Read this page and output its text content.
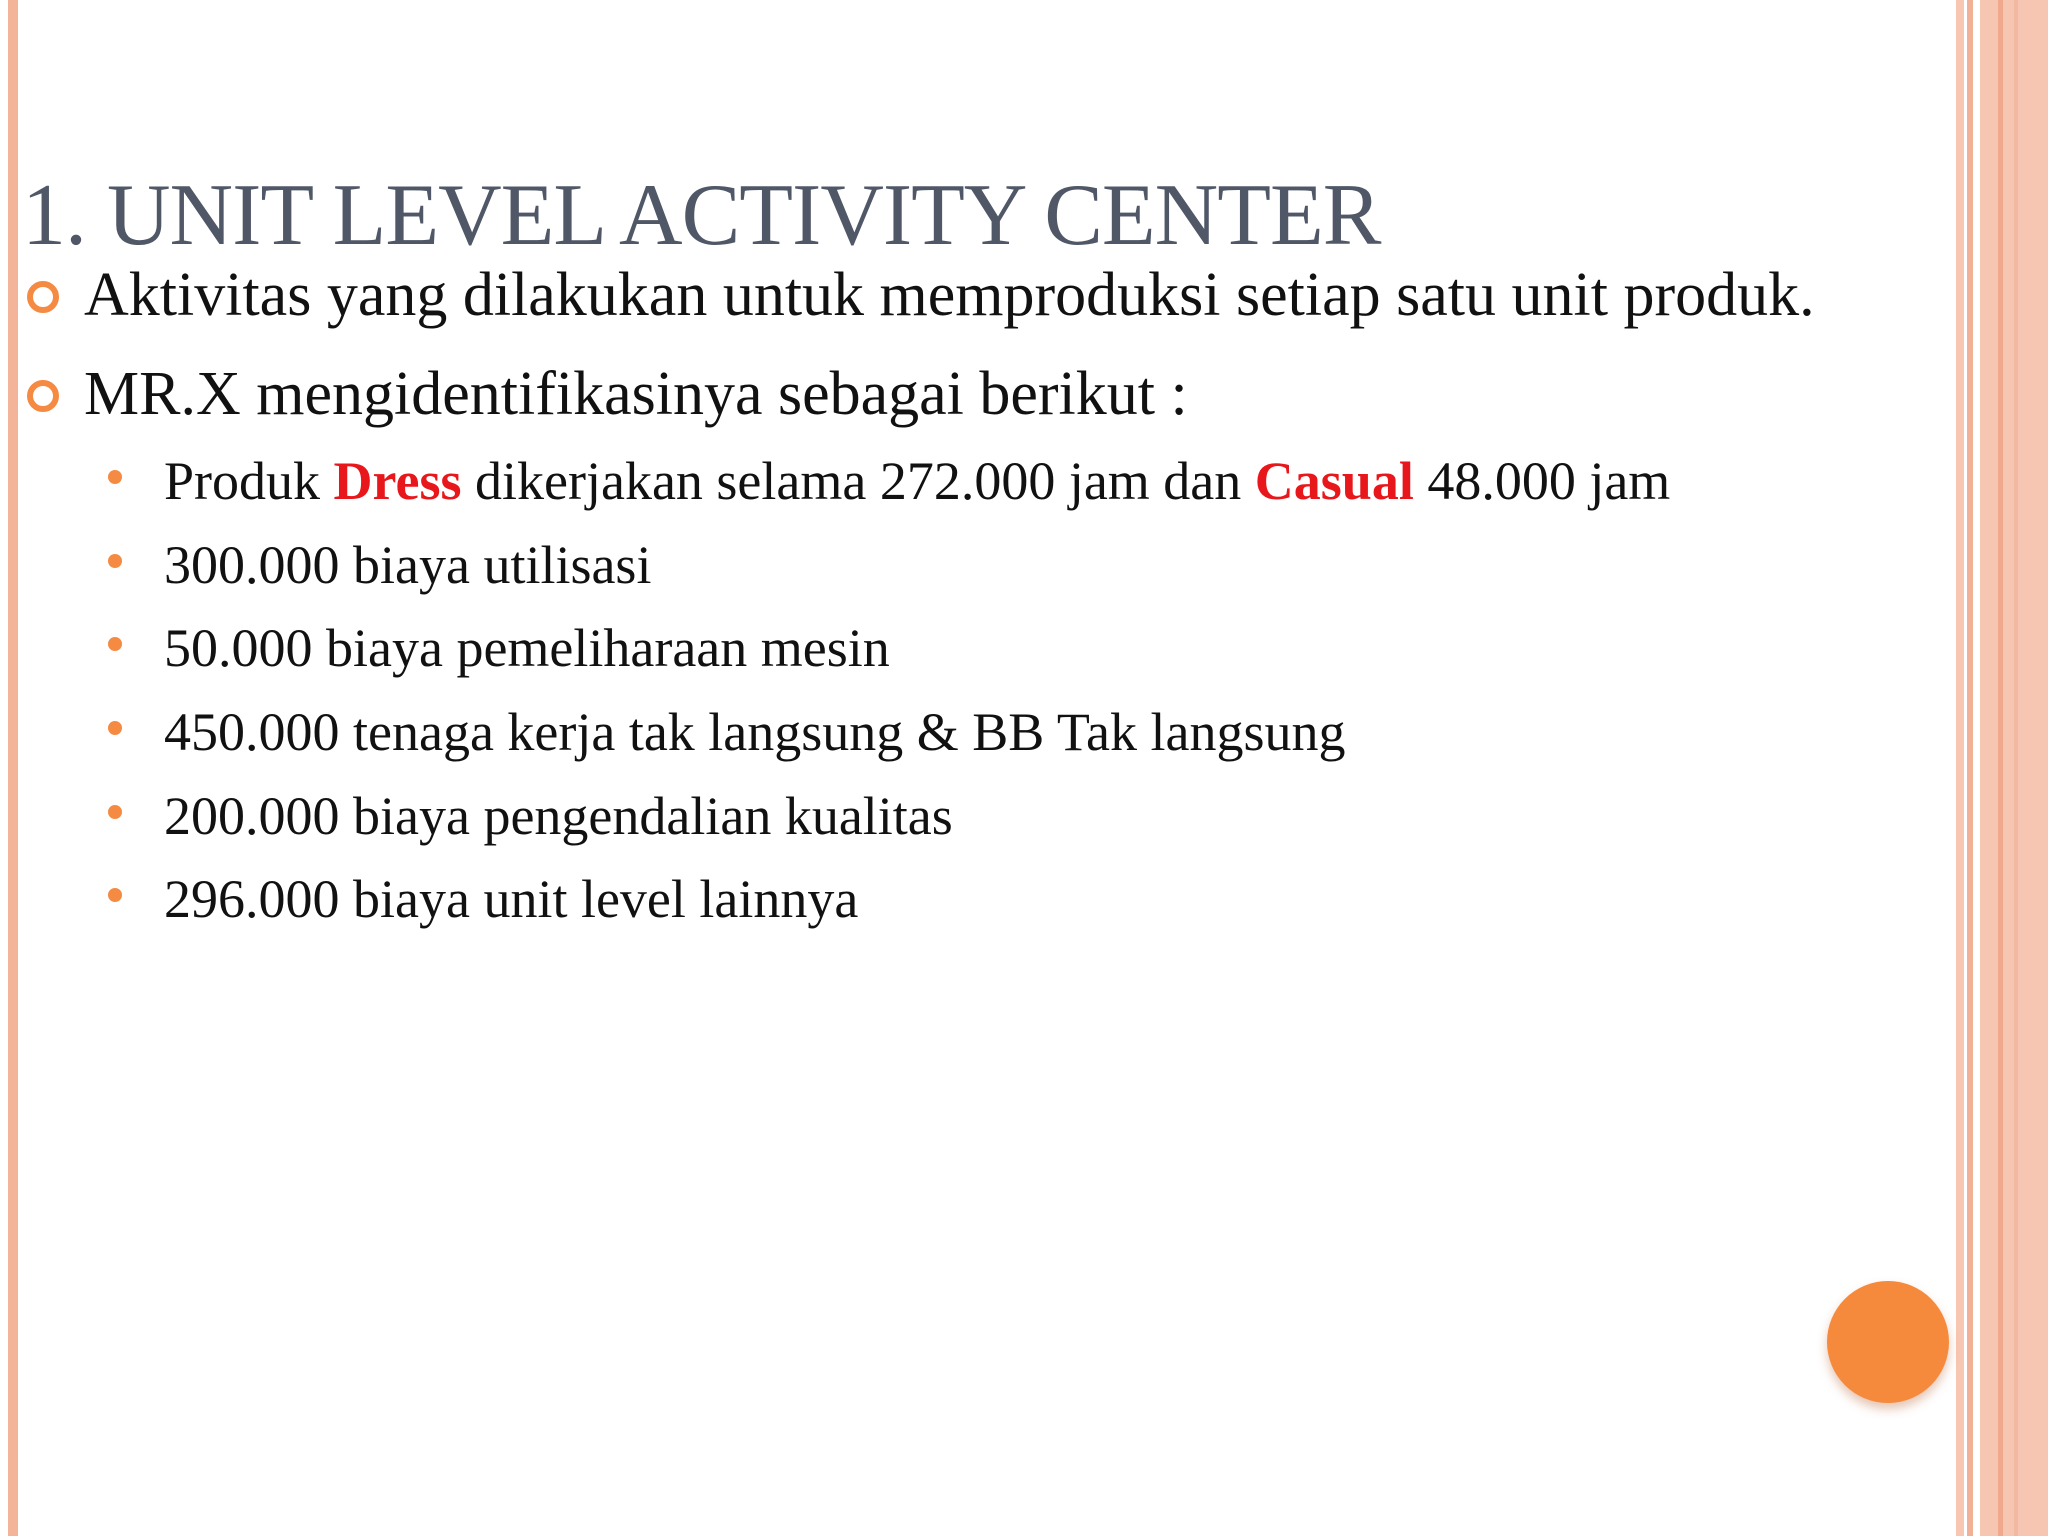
1. UNIT LEVEL ACTIVITY CENTER
Aktivitas yang dilakukan untuk memproduksi setiap satu unit produk.
MR.X mengidentifikasinya sebagai berikut :
Produk Dress dikerjakan selama 272.000 jam dan Casual 48.000 jam
300.000 biaya utilisasi
50.000 biaya pemeliharaan mesin
450.000 tenaga kerja tak langsung & BB Tak langsung
200.000 biaya pengendalian kualitas
296.000 biaya unit level lainnya
